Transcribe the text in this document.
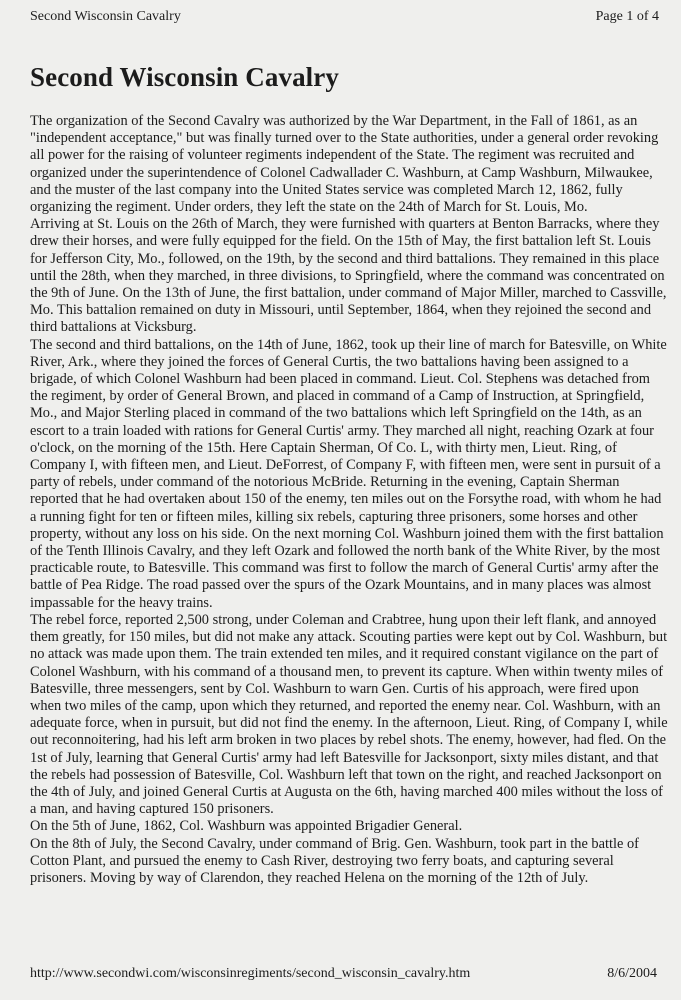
Second Wisconsin Cavalry	Page 1 of 4
Second Wisconsin Cavalry

The organization of the Second Cavalry was authorized by the War Department, in the Fall of 1861, as an "independent acceptance," but was finally turned over to the State authorities, under a general order revoking all power for the raising of volunteer regiments independent of the State. The regiment was recruited and organized under the superintendence of Colonel Cadwallader C. Washburn, at Camp Washburn, Milwaukee, and the muster of the last company into the United States service was completed March 12, 1862, fully organizing the regiment. Under orders, they left the state on the 24th of March for St. Louis, Mo.

Arriving at St. Louis on the 26th of March, they were furnished with quarters at Benton Barracks, where they drew their horses, and were fully equipped for the field. On the 15th of May, the first battalion left St. Louis for Jefferson City, Mo., followed, on the 19th, by the second and third battalions. They remained in this place until the 28th, when they marched, in three divisions, to Springfield, where the command was concentrated on the 9th of June. On the 13th of June, the first battalion, under command of Major Miller, marched to Cassville, Mo. This battalion remained on duty in Missouri, until September, 1864, when they rejoined the second and third battalions at Vicksburg.

The second and third battalions, on the 14th of June, 1862, took up their line of march for Batesville, on White River, Ark., where they joined the forces of General Curtis, the two battalions having been assigned to a brigade, of which Colonel Washburn had been placed in command. Lieut. Col. Stephens was detached from the regiment, by order of General Brown, and placed in command of a Camp of Instruction, at Springfield, Mo., and Major Sterling placed in command of the two battalions which left Springfield on the 14th, as an escort to a train loaded with rations for General Curtis' army. They marched all night, reaching Ozark at four o'clock, on the morning of the 15th. Here Captain Sherman, Of Co. L, with thirty men, Lieut. Ring, of Company I, with fifteen men, and Lieut. DeForrest, of Company F, with fifteen men, were sent in pursuit of a party of rebels, under command of the notorious McBride. Returning in the evening, Captain Sherman reported that he had overtaken about 150 of the enemy, ten miles out on the Forsythe road, with whom he had a running fight for ten or fifteen miles, killing six rebels, capturing three prisoners, some horses and other property, without any loss on his side. On the next morning Col. Washburn joined them with the first battalion of the Tenth Illinois Cavalry, and they left Ozark and followed the north bank of the White River, by the most practicable route, to Batesville. This command was first to follow the march of General Curtis' army after the battle of Pea Ridge. The road passed over the spurs of the Ozark Mountains, and in many places was almost impassable for the heavy trains.

The rebel force, reported 2,500 strong, under Coleman and Crabtree, hung upon their left flank, and annoyed them greatly, for 150 miles, but did not make any attack. Scouting parties were kept out by Col. Washburn, but no attack was made upon them. The train extended ten miles, and it required constant vigilance on the part of Colonel Washburn, with his command of a thousand men, to prevent its capture. When within twenty miles of Batesville, three messengers, sent by Col. Washburn to warn Gen. Curtis of his approach, were fired upon when two miles of the camp, upon which they returned, and reported the enemy near. Col. Washburn, with an adequate force, when in pursuit, but did not find the enemy. In the afternoon, Lieut. Ring, of Company I, while out reconnoitering, had his left arm broken in two places by rebel shots. The enemy, however, had fled. On the 1st of July, learning that General Curtis' army had left Batesville for Jacksonport, sixty miles distant, and that the rebels had possession of Batesville, Col. Washburn left that town on the right, and reached Jacksonport on the 4th of July, and joined General Curtis at Augusta on the 6th, having marched 400 miles without the loss of a man, and having captured 150 prisoners.

On the 5th of June, 1862, Col. Washburn was appointed Brigadier General.

On the 8th of July, the Second Cavalry, under command of Brig. Gen. Washburn, took part in the battle of Cotton Plant, and pursued the enemy to Cash River, destroying two ferry boats, and capturing several prisoners. Moving by way of Clarendon, they reached Helena on the morning of the 12th of July.

http://www.secondwi.com/wisconsinregiments/second_wisconsin_cavalry.htm	8/6/2004
